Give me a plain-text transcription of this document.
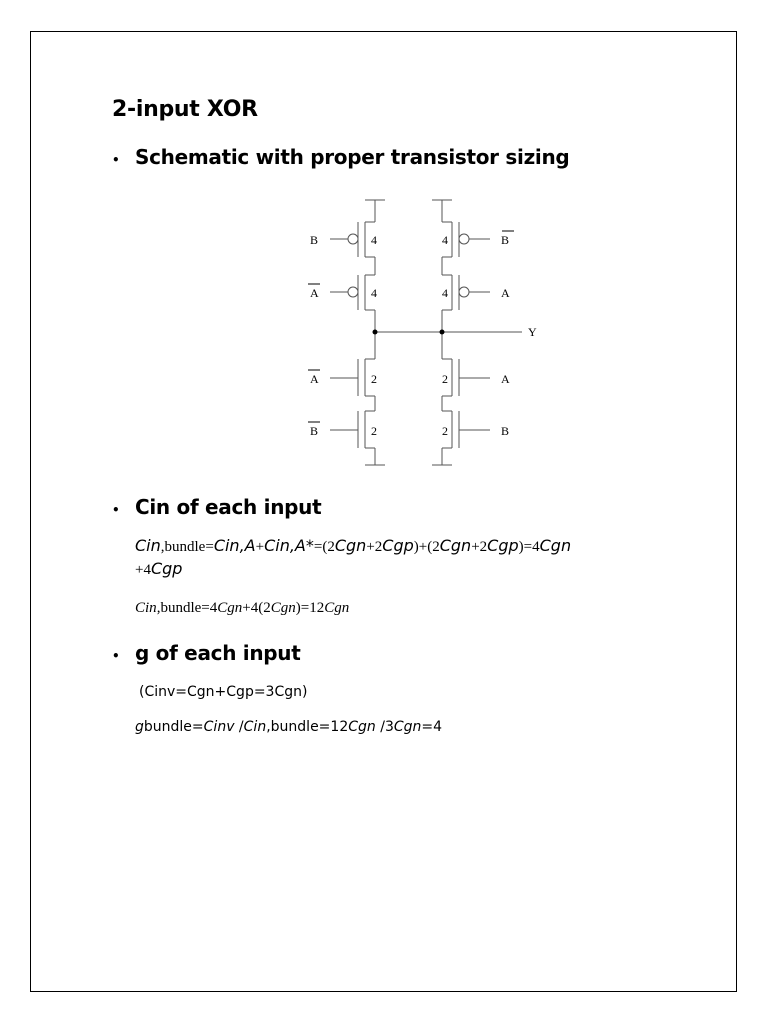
2-input XOR
• Schematic with proper transistor sizing
B
A
A
B
B
A
A
B
4
4
2
2
4
4
2
2
Y
• Cin of each input
Cin,bundle=Cin,A+Cin,A*=(2Cgn+2Cgp)+(2Cgn+2Cgp)=4Cgn
+4Cgp
Cin,bundle=4Cgn+4(2Cgn)=12Cgn
• g of each input
(Cinv=Cgn+Cgp=3Cgn)
gbundle=Cinv /Cin,bundle=12Cgn /3Cgn=4
